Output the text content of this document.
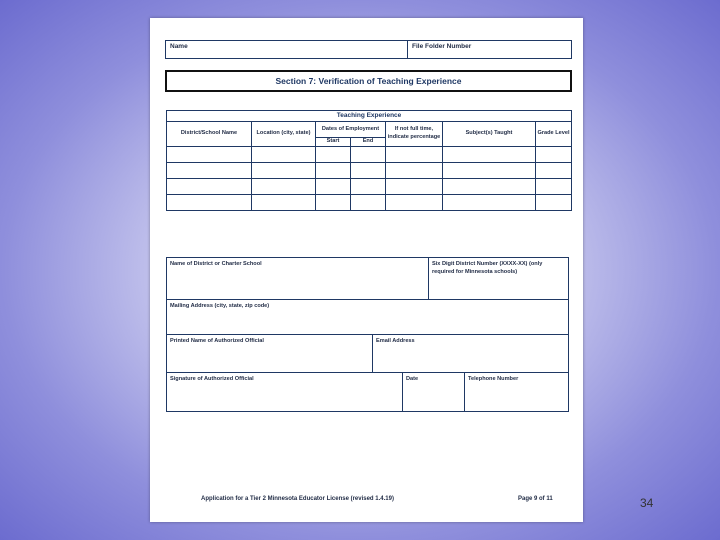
Name	File Folder Number
Section 7: Verification of Teaching Experience
Teaching Experience						
District/School Name	Location (city, state)	Dates of Employment		If not full time, indicate percentage	Subject(s) Taught	Grade Level
		Start	End			

Name of District or Charter School	Six Digit District Number (XXXX-XX) (only required for Minnesota schools)
Mailing Address (city, state, zip code)
Printed Name of Authorized Official	Email Address
Signature of Authorized Official	Date	Telephone Number
Application for a Tier 2 Minnesota Educator License (revised 1.4.19)	Page 9 of 11	34
